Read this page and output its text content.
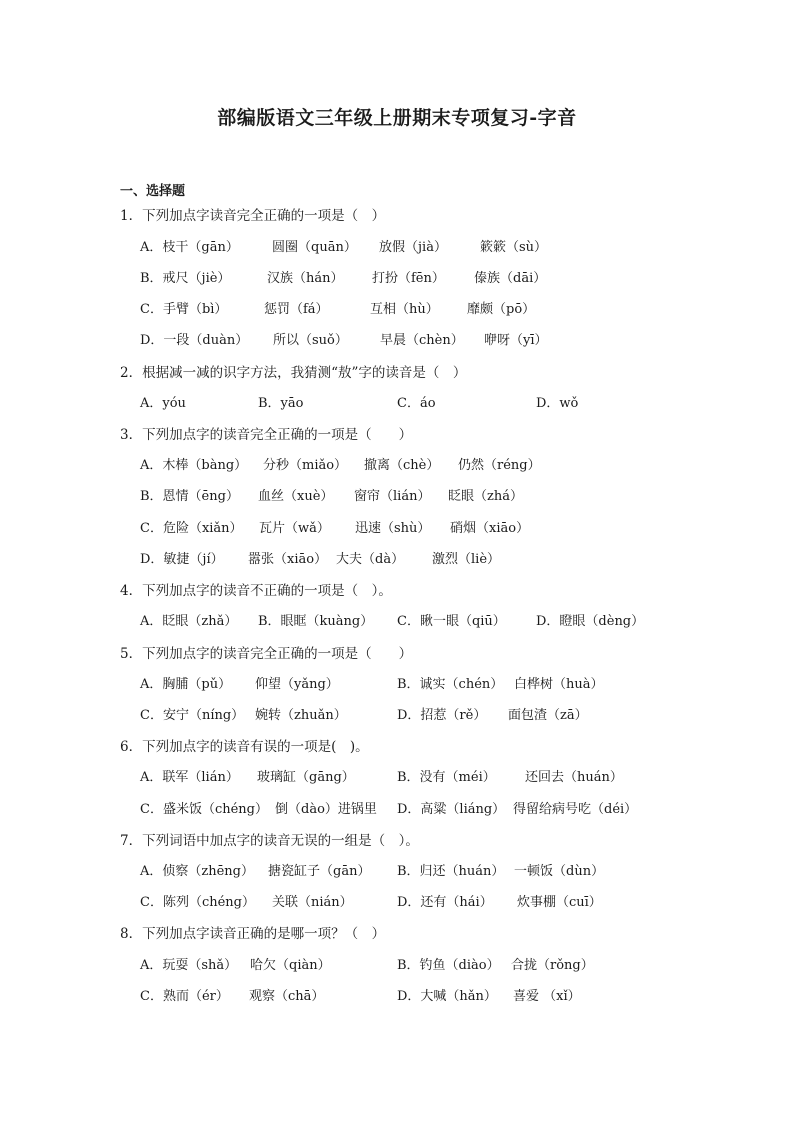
部编版语文三年级上册期末专项复习-字音
一、选择题
1．下列加点字读音完全正确的一项是（　）
A．枝干（gān）	圆圈（quān） 放假（jià）	簌簌（sù）
B．戒尺（jiè）	汉族（hán） 打扮（fēn） 傣族（dāi）
C．手臂（bì）	惩罚（fá）	互相（hù） 靡颇（pō）
D．一段（duàn） 所以（suǒ） 早晨（chèn） 咿呀（yī）
2．根据减一减的识字方法，我猜测“敖”字的读音是（　）
A．yóu	B．yāo	C．áo	D．wǒ
3．下列加点字的读音完全正确的一项是（　　）
A．木棒（bàng） 分秒（miǎo） 撤离（chè） 仍然（réng）
B．恩情（ēng） 血丝（xuè） 窗帘（lián） 眨眼（zhá）
C．危险（xiǎn） 瓦片（wǎ） 迅速（shù） 硝烟（xiāo）
D．敏捷（jí） 嚣张（xiāo） 大夫（dà） 激烈（liè）
4．下列加点字的读音不正确的一项是（　）。
A．眨眼（zhǎ） B．眼眶（kuàng） C．瞅一眼（qiū） D．瞪眼（dèng）
5．下列加点字的读音完全正确的一项是（　　）
A．胸脯（pǔ） 仰望（yǎng）	B．诚实（chén） 白桦树（huà）
C．安宁（níng） 婉转（zhuǎn）	D．招惹（rě） 面包渣（zā）
6．下列加点字的读音有误的一项是(　)。
A．联军（lián） 玻璃缸（gāng）	B．没有（méi） 还回去（huán）
C．盛米饭（chéng） 倒（dào）进锅里 D．高粱（liáng） 得留给病号吃（déi）
7．下列词语中加点字的读音无误的一组是（　）。
A．侦察（zhēng） 搪瓷缸子（gān） B．归还（huán） 一顿饭（dùn）
C．陈列（chéng） 关联（nián）	D．还有（hái） 炊事棚（cuī）
8．下列加点字读音正确的是哪一项？（　）
A．玩耍（shǎ） 哈欠（qiàn）	B．钓鱼（diào） 合拢（rǒng）
C．熟而（ér） 观察（chā）	D．大喊（hǎn） 喜爱 （xǐ）
